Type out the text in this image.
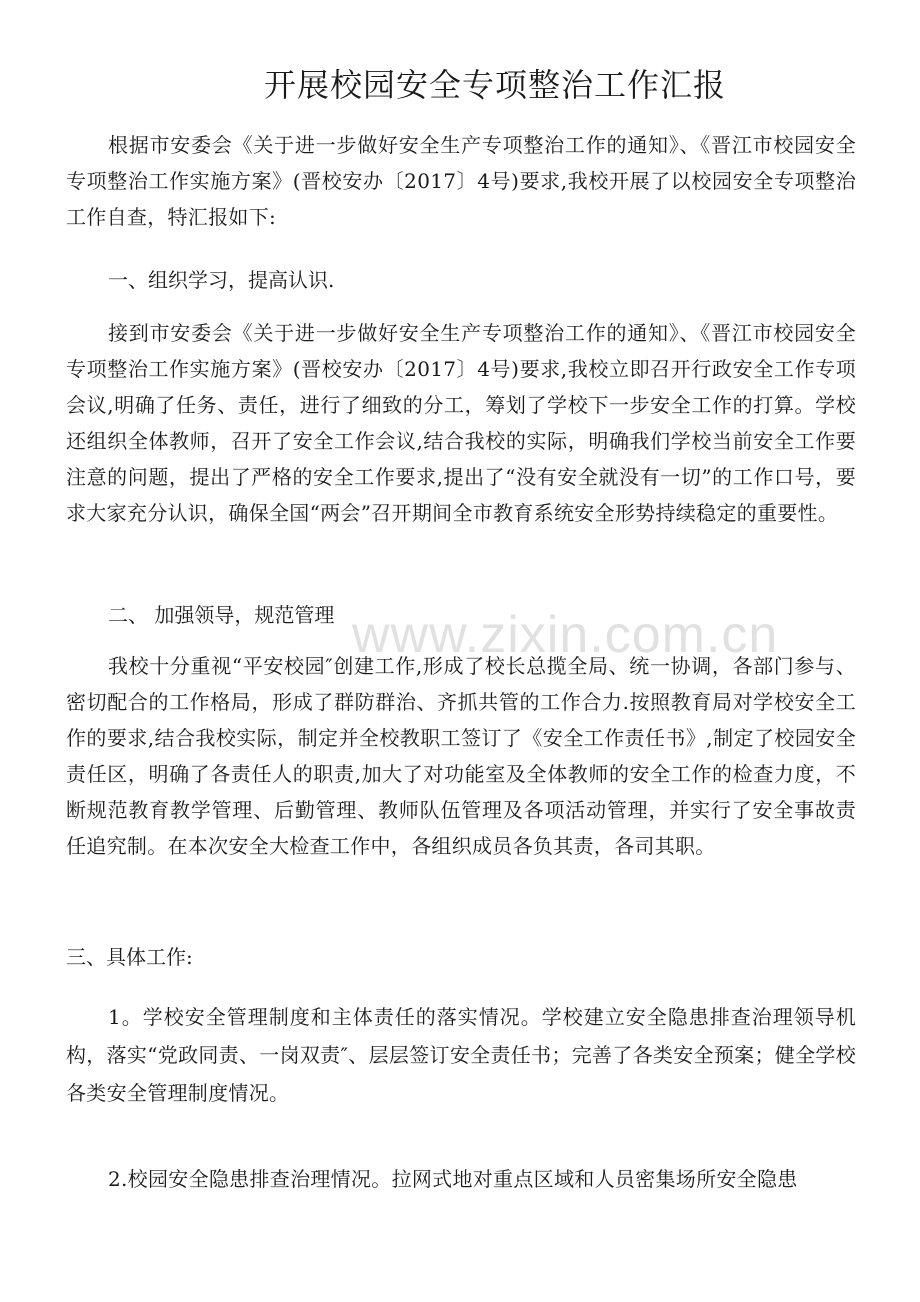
开展校园安全专项整治工作汇报

根据市安委会《关于进一步做好安全生产专项整治工作的通知》、《晋江市校园安全专项整治工作实施方案》(晋校安办〔2017〕4号)要求,我校开展了以校园安全专项整治工作自查，特汇报如下:

一、组织学习，提高认识.

接到市安委会《关于进一步做好安全生产专项整治工作的通知》、《晋江市校园安全专项整治工作实施方案》(晋校安办〔2017〕4号)要求,我校立即召开行政安全工作专项会议,明确了任务、责任，进行了细致的分工，筹划了学校下一步安全工作的打算。学校还组织全体教师，召开了安全工作会议,结合我校的实际，明确我们学校当前安全工作要注意的问题，提出了严格的安全工作要求,提出了“没有安全就没有一切”的工作口号，要求大家充分认识，确保全国“两会”召开期间全市教育系统安全形势持续稳定的重要性。

二、 加强领导，规范管理

我校十分重视“平安校园″创建工作,形成了校长总揽全局、统一协调，各部门参与、密切配合的工作格局，形成了群防群治、齐抓共管的工作合力.按照教育局对学校安全工作的要求,结合我校实际，制定并全校教职工签订了《安全工作责任书》,制定了校园安全责任区，明确了各责任人的职责,加大了对功能室及全体教师的安全工作的检查力度，不断规范教育教学管理、后勤管理、教师队伍管理及各项活动管理，并实行了安全事故责任追究制。在本次安全大检查工作中，各组织成员各负其责，各司其职。

三、具体工作:

1。学校安全管理制度和主体责任的落实情况。学校建立安全隐患排查治理领导机构，落实“党政同责、一岗双责″、层层签订安全责任书；完善了各类安全预案；健全学校各类安全管理制度情况。

2.校园安全隐患排查治理情况。拉网式地对重点区域和人员密集场所安全隐患

www.zixin.com.cn
